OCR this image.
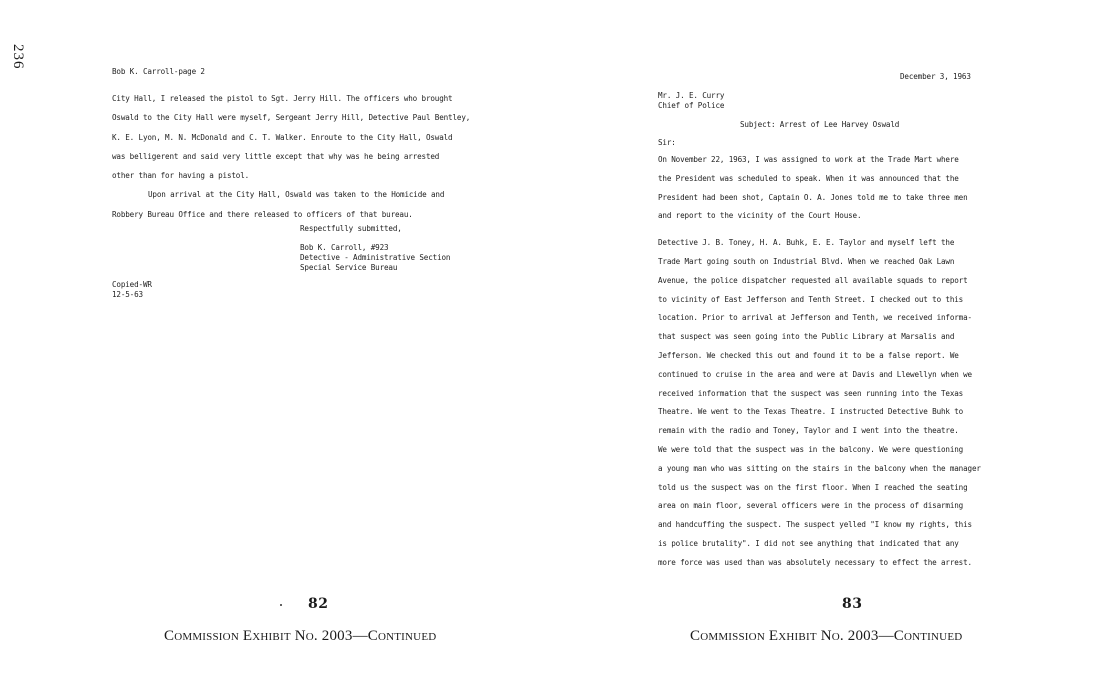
236
Bob K. Carroll-page 2
City Hall, I released the pistol to Sgt. Jerry Hill. The officers who brought
Oswald to the City Hall were myself, Sergeant Jerry Hill, Detective Paul Bentley,
K. E. Lyon, M. N. McDonald and C. T. Walker. Enroute to the City Hall, Oswald
was belligerent and said very little except that why was he being arrested
other than for having a pistol.
Upon arrival at the City Hall, Oswald was taken to the Homicide and
Robbery Bureau Office and there released to officers of that bureau.
Respectfully submitted,
Bob K. Carroll, #923
Detective - Administrative Section
Special Service Bureau
Copied-WR
12-5-63
82
Commission Exhibit No. 2003—Continued
December 3, 1963
Mr. J. E. Curry
Chief of Police
Subject: Arrest of Lee Harvey Oswald
Sir:
On November 22, 1963, I was assigned to work at the Trade Mart where
the President was scheduled to speak. When it was announced that the
President had been shot, Captain O. A. Jones told me to take three men
and report to the vicinity of the Court House.
Detective J. B. Toney, H. A. Buhk, E. E. Taylor and myself left the
Trade Mart going south on Industrial Blvd. When we reached Oak Lawn
Avenue, the police dispatcher requested all available squads to report
to vicinity of East Jefferson and Tenth Street. I checked out to this
location. Prior to arrival at Jefferson and Tenth, we received informa-
that suspect was seen going into the Public Library at Marsalis and
Jefferson. We checked this out and found it to be a false report. We
continued to cruise in the area and were at Davis and Llewellyn when we
received information that the suspect was seen running into the Texas
Theatre. We went to the Texas Theatre. I instructed Detective Buhk to
remain with the radio and Toney, Taylor and I went into the theatre.
We were told that the suspect was in the balcony. We were questioning
a young man who was sitting on the stairs in the balcony when the manager
told us the suspect was on the first floor. When I reached the seating
area on main floor, several officers were in the process of disarming
and handcuffing the suspect. The suspect yelled "I know my rights, this
is police brutality". I did not see anything that indicated that any
more force was used than was absolutely necessary to effect the arrest.
83
Commission Exhibit No. 2003—Continued
